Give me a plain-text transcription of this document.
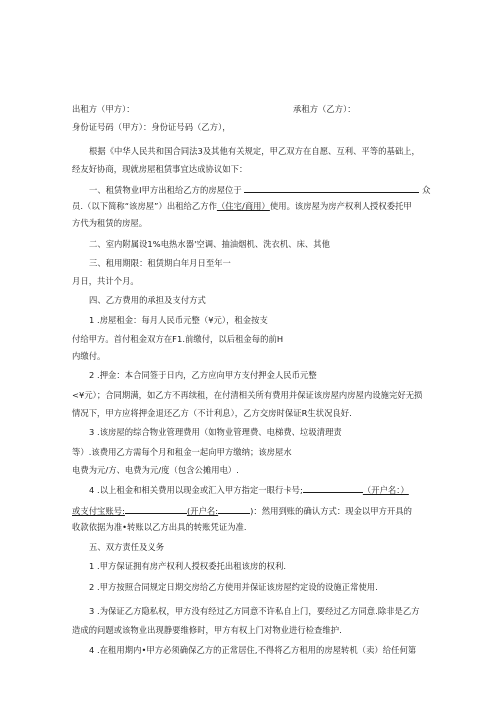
出租方（甲方）：	承租方（乙方）：
身份证号码（甲方）：身份证号码（乙方），
根据《中华人民共和国合同法3及其他有关规定，甲乙双方在自愿、互利、平等的基础上，
经友好协商，现就房屋租赁事宜达成协议如下：
一、租赁物业I甲方出租给乙方的房屋位于	众
员.（以下简称“该房屋”）出租给乙方作（住宅/商用）使用。该房屋为房产权利人授权委托甲
方代为租赁的房屋。
二、室内附属设1%电热水器'空调、抽油烟机、洗衣机、床、其他
三、租用期限：租赁期白年月日至年一
月日，共计个月。
四、乙方费用的承担及支付方式
1 .房屋租金：每月人民币元整（¥元），租金按支
付给甲方。首付租金双方在F1.前缴付，以后租金每的前H
内缴付。
2 .押金：本合同签于日内，乙方应向甲方支付押金人民币元整
<¥元）；合同期满，如乙方不再续租，在付清相关所有费用并保证该房屋内房屋内设施完好无损
情况下，甲方应将押金退还乙方（不计利息），乙方交房时保证R生状况良好.
3 .该房屋的综合物业管理费用（如物业管理费、电梯费、垃圾清理责
等）.该费用乙方需每个月和租金一起向甲方缴纳；该房屋水
电费为元/方、电费为元/度（包含公摊用电）.
4 .以上租金和相关费用以现金或汇入甲方指定一眼行卡号;	（开户名：）
或支付宝账号:	(开户名:	)：然用到账的确认方式：现金以甲方开具的
收款依据为准•转账以乙方出具的转账凭证为准.
五、双方责任及义务
1 .甲方保证拥有房产权利人授权委托出租该房的权利.
2 .甲方按照合同规定日期交房给乙方使用并保证该房屋约定设的设施正常使用.
3 .为保证乙方隐私权，甲方没有经过乙方同意不许私自上门，要经过乙方同意.除非是乙方
造成的问题或该物业出现静要维修时，甲方有权上门对物业进行检查维护.
4 .在租用期内•甲方必须确保乙方的正常居住,不得将乙方租用的房屋转机（卖）给任何第
